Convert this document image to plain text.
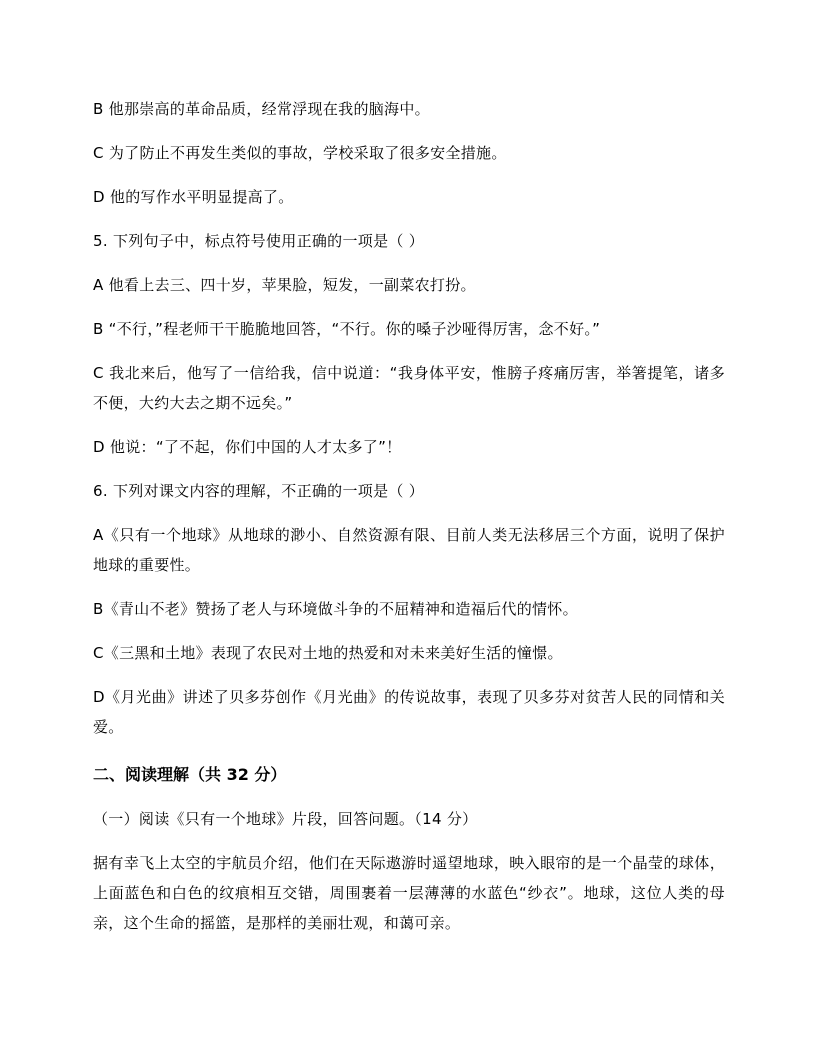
B 他那崇高的革命品质，经常浮现在我的脑海中。

C 为了防止不再发生类似的事故，学校采取了很多安全措施。

D 他的写作水平明显提高了。

5. 下列句子中，标点符号使用正确的一项是（ ）

A 他看上去三、四十岁，苹果脸，短发，一副菜农打扮。

B “不行，”程老师干干脆脆地回答，“不行。你的嗓子沙哑得厉害，念不好。”

C 我北来后，他写了一信给我，信中说道：“我身体平安，惟膀子疼痛厉害，举箸提笔，诸多不便，大约大去之期不远矣。”

D 他说：“了不起，你们中国的人才太多了”！

6. 下列对课文内容的理解，不正确的一项是（ ）

A《只有一个地球》从地球的渺小、自然资源有限、目前人类无法移居三个方面，说明了保护地球的重要性。

B《青山不老》赞扬了老人与环境做斗争的不屈精神和造福后代的情怀。

C《三黑和土地》表现了农民对土地的热爱和对未来美好生活的憧憬。

D《月光曲》讲述了贝多芬创作《月光曲》的传说故事，表现了贝多芬对贫苦人民的同情和关爱。

二、阅读理解（共 32 分）

（一）阅读《只有一个地球》片段，回答问题。（14 分）

据有幸飞上太空的宇航员介绍，他们在天际遨游时遥望地球，映入眼帘的是一个晶莹的球体，上面蓝色和白色的纹痕相互交错，周围裹着一层薄薄的水蓝色“纱衣”。地球，这位人类的母亲，这个生命的摇篮，是那样的美丽壮观，和蔼可亲。
